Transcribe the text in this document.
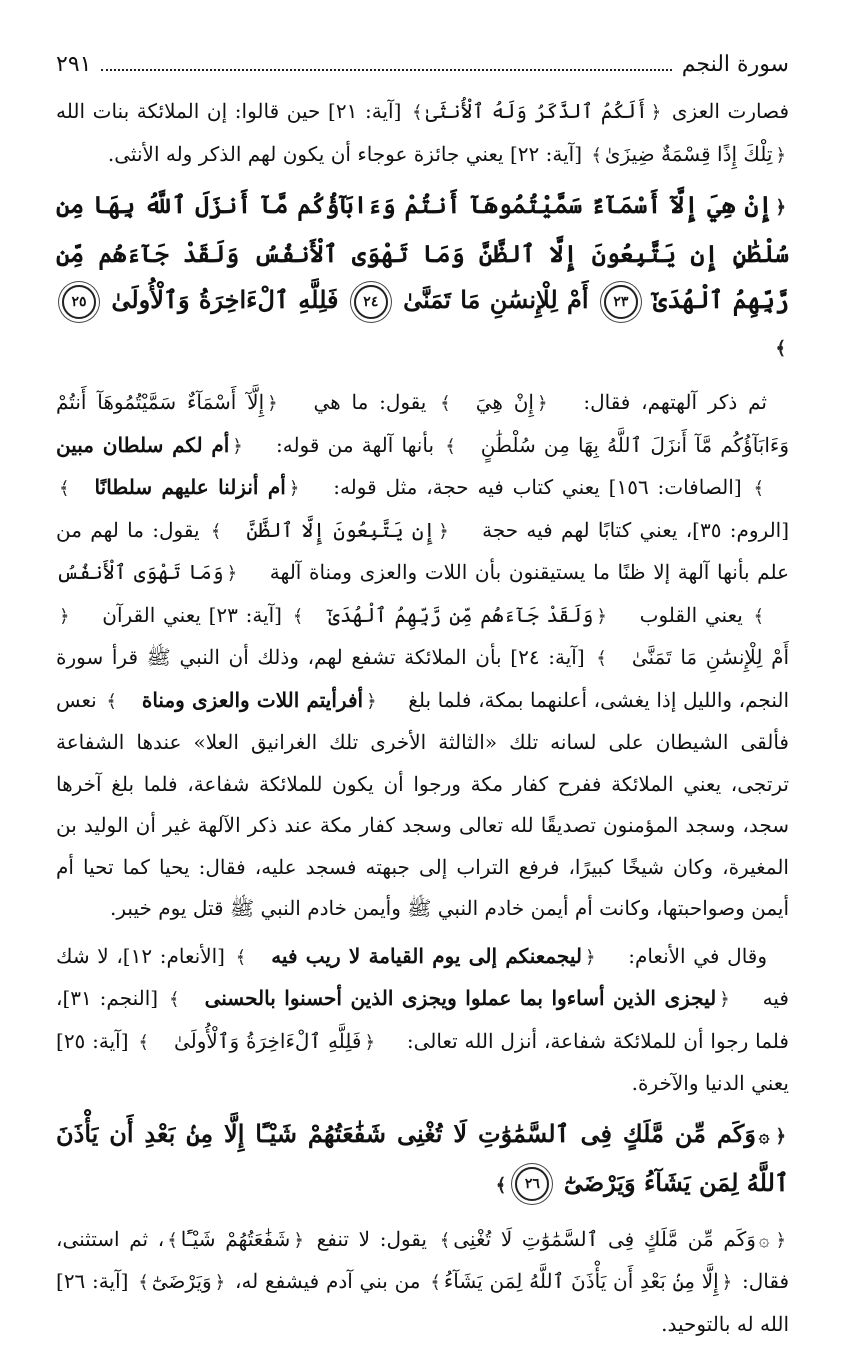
سورة النجم
٢٩١

فصارت العزى ﴿أَلَكُمُ ٱلذَّكَرُ وَلَهُ ٱلْأُنثَىٰ﴾ [آية: ٢١] حين قالوا: إن الملائكة بنات الله ﴿تِلْكَ إِذًا قِسْمَةٌ ضِيزَىٰ﴾ [آية: ٢٢] يعني جائزة عوجاء أن يكون لهم الذكر وله الأنثى.

﴿إِنْ هِيَ إِلَّآ أَسْمَآءٌ سَمَّيْتُمُوهَآ أَنتُمْ وَءَابَآؤُكُم مَّآ أَنزَلَ ٱللَّهُ بِهَا مِن سُلْطَٰنٍ إِن يَتَّبِعُونَ إِلَّا ٱلظَّنَّ وَمَا تَهْوَى ٱلْأَنفُسُ وَلَقَدْ جَآءَهُم مِّن رَّبِّهِمُ ٱلْهُدَىٰٓ ٢٣ أَمْ لِلْإِنسَٰنِ مَا تَمَنَّىٰ ٢٤ فَلِلَّهِ ٱلْءَاخِرَةُ وَٱلْأُولَىٰ ٢٥﴾

ثم ذكر آلهتهم، فقال: ﴿إِنْ هِيَ﴾ يقول: ما هي ﴿إِلَّآ أَسْمَآءٌ سَمَّيْتُمُوهَآ أَنتُمْ وَءَابَآؤُكُم مَّآ أَنزَلَ ٱللَّهُ بِهَا مِن سُلْطَٰنٍ﴾ بأنها آلهة من قوله: ﴿أم لكم سلطان مبين﴾ [الصافات: ١٥٦] يعني كتاب فيه حجة، مثل قوله: ﴿أم أنزلنا عليهم سلطانًا﴾ [الروم: ٣٥]، يعني كتابًا لهم فيه حجة ﴿إِن يَتَّبِعُونَ إِلَّا ٱلظَّنَّ﴾ يقول: ما لهم من علم بأنها آلهة إلا ظنًا ما يستيقنون بأن اللات والعزى ومناة آلهة ﴿وَمَا تَهْوَى ٱلْأَنفُسُ﴾ يعني القلوب ﴿وَلَقَدْ جَآءَهُم مِّن رَّبِّهِمُ ٱلْهُدَىٰٓ﴾ [آية: ٢٣] يعني القرآن ﴿أَمْ لِلْإِنسَٰنِ مَا تَمَنَّىٰ﴾ [آية: ٢٤] بأن الملائكة تشفع لهم، وذلك أن النبي ﷺ قرأ سورة النجم، والليل إذا يغشى، أعلنهما بمكة، فلما بلغ ﴿أفرأيتم اللات والعزى ومناة﴾ نعس فألقى الشيطان على لسانه تلك «الثالثة الأخرى تلك الغرانيق العلا» عندها الشفاعة ترتجى، يعني الملائكة ففرح كفار مكة ورجوا أن يكون للملائكة شفاعة، فلما بلغ آخرها سجد، وسجد المؤمنون تصديقًا لله تعالى وسجد كفار مكة عند ذكر الآلهة غير أن الوليد بن المغيرة، وكان شيخًا كبيرًا، فرفع التراب إلى جبهته فسجد عليه، فقال: يحيا كما تحيا أم أيمن وصواحبتها، وكانت أم أيمن خادم النبي ﷺ وأيمن خادم النبي ﷺ قتل يوم خيبر.

وقال في الأنعام: ﴿ليجمعنكم إلى يوم القيامة لا ريب فيه﴾ [الأنعام: ١٢]، لا شك فيه ﴿ليجزى الذين أساءوا بما عملوا ويجزى الذين أحسنوا بالحسنى﴾ [النجم: ٣١]، فلما رجوا أن للملائكة شفاعة، أنزل الله تعالى: ﴿فَلِلَّهِ ٱلْءَاخِرَةُ وَٱلْأُولَىٰ﴾ [آية: ٢٥] يعني الدنيا والآخرة.

﴿۞وَكَم مِّن مَّلَكٍ فِى ٱلسَّمَٰوَٰتِ لَا تُغْنِى شَفَٰعَتُهُمْ شَيْـًٔا إِلَّا مِنۢ بَعْدِ أَن يَأْذَنَ ٱللَّهُ لِمَن يَشَآءُ وَيَرْضَىٰٓ ٢٦﴾

﴿۞وَكَم مِّن مَّلَكٍ فِى ٱلسَّمَٰوَٰتِ لَا تُغْنِى﴾ يقول: لا تنفع ﴿شَفَٰعَتُهُمْ شَيْـًٔا﴾، ثم استثنى، فقال: ﴿إِلَّا مِنۢ بَعْدِ أَن يَأْذَنَ ٱللَّهُ لِمَن يَشَآءُ﴾ من بني آدم فيشفع له، ﴿وَيَرْضَىٰٓ﴾ [آية: ٢٦] الله له بالتوحيد.
